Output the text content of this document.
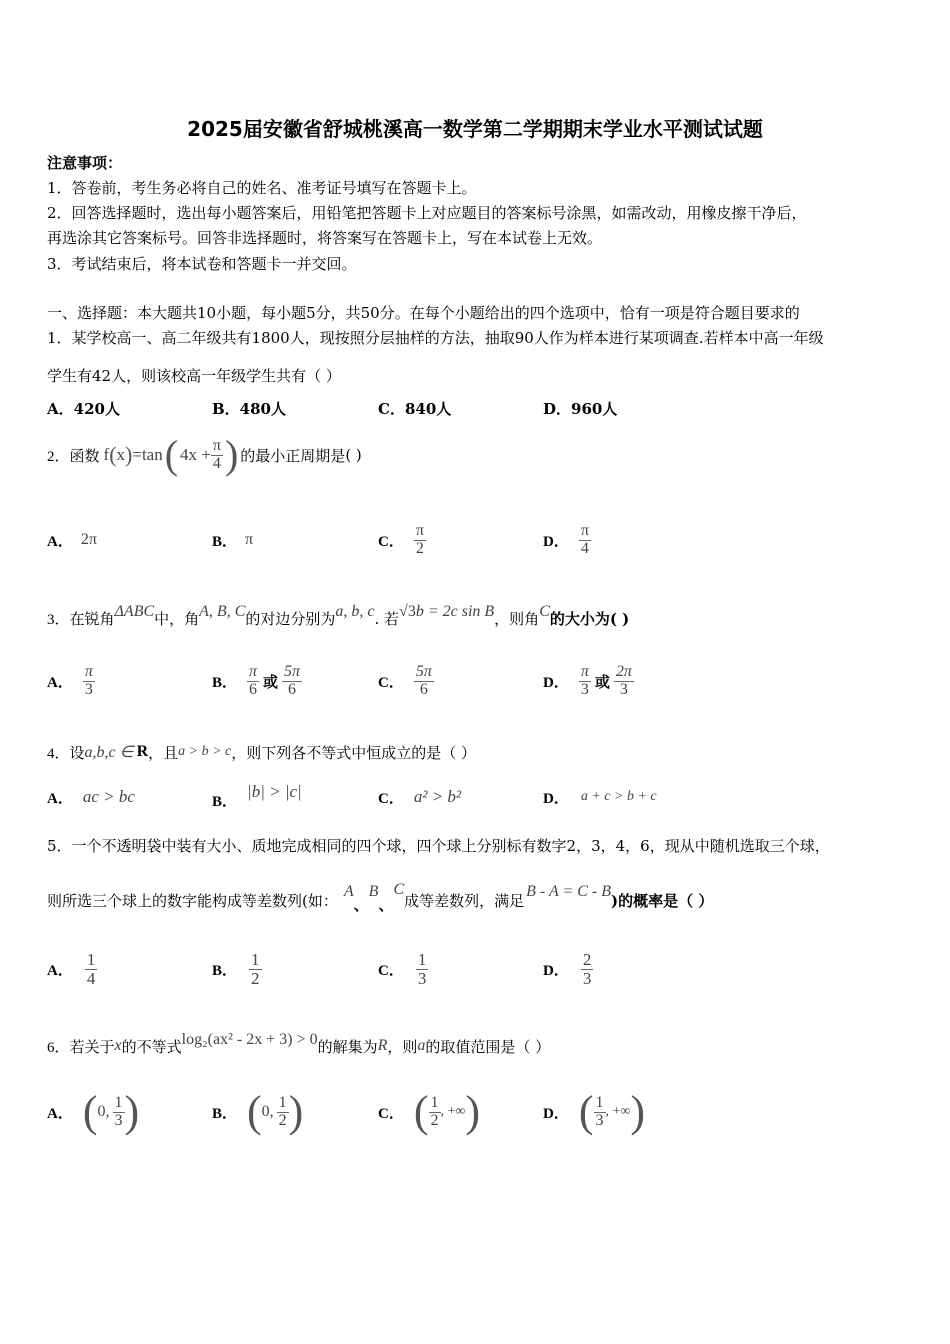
2025届安徽省舒城桃溪高一数学第二学期期末学业水平测试试题
注意事项：
1．答卷前，考生务必将自己的姓名、准考证号填写在答题卡上。
2．回答选择题时，选出每小题答案后，用铅笔把答题卡上对应题目的答案标号涂黑，如需改动，用橡皮擦干净后，
再选涂其它答案标号。回答非选择题时，将答案写在答题卡上，写在本试卷上无效。
3．考试结束后，将本试卷和答题卡一并交回。
一、选择题：本大题共10小题，每小题5分，共50分。在每个小题给出的四个选项中，恰有一项是符合题目要求的
1．某学校高一、高二年级共有1800人，现按照分层抽样的方法，抽取90人作为样本进行某项调查.若样本中高一年级
学生有42人，则该校高一年级学生共有（ ）
A．420人	B．480人	C．840人	D．960人
2． 函数 f ( x ) =tan ( $4x + \frac{\pi}{4}$ ) 的最小正周期是 ( )
A． 2π	B． π	C． $\frac{\pi}{2}$	D． $\frac{\pi}{4}$
3． 在锐角 ΔABC 中，角 A, B, C 的对边分别为 a, b, c . 若 √3 b = 2c sin B ，则角 C 的大小为( )
A． $\frac{\pi}{3}$	B． $\frac{\pi}{6}$ 或 $\frac{5\pi}{6}$	C． $\frac{5\pi}{6}$	D． $\frac{\pi}{3}$ 或 $\frac{2\pi}{3}$
4． 设 a,b,c ∈ R ，且 a > b > c ，则下列各不等式中恒成立的是（ ）
A． ac > bc	B．
|b| > |c|	C． a² > b²	D． a + c > b + c
5．一个不透明袋中装有大小、质地完成相同的四个球，四个球上分别标有数字2，3，4，6，现从中随机选取三个球，
则所选三个球上的数字能构成等差数列(如： A
、
B
、
C
成等差数列，满足 B - A = C - B )的概率是（ ）
A． $\frac{1}{4}$	B． $\frac{1}{2}$	C． $\frac{1}{3}$	D． $\frac{2}{3}$
6． 若关于 x 的不等式 log₂(ax² - 2x + 3) > 0 的解集为 R ，则 a 的取值范围是（ ）
A． ( 0, $\frac{1}{3}$ )	B． ( 0, $\frac{1}{2}$ )	C． ( $\frac{1}{2}$ , +∞ )	D． ( $\frac{1}{3}$ , +∞ )
